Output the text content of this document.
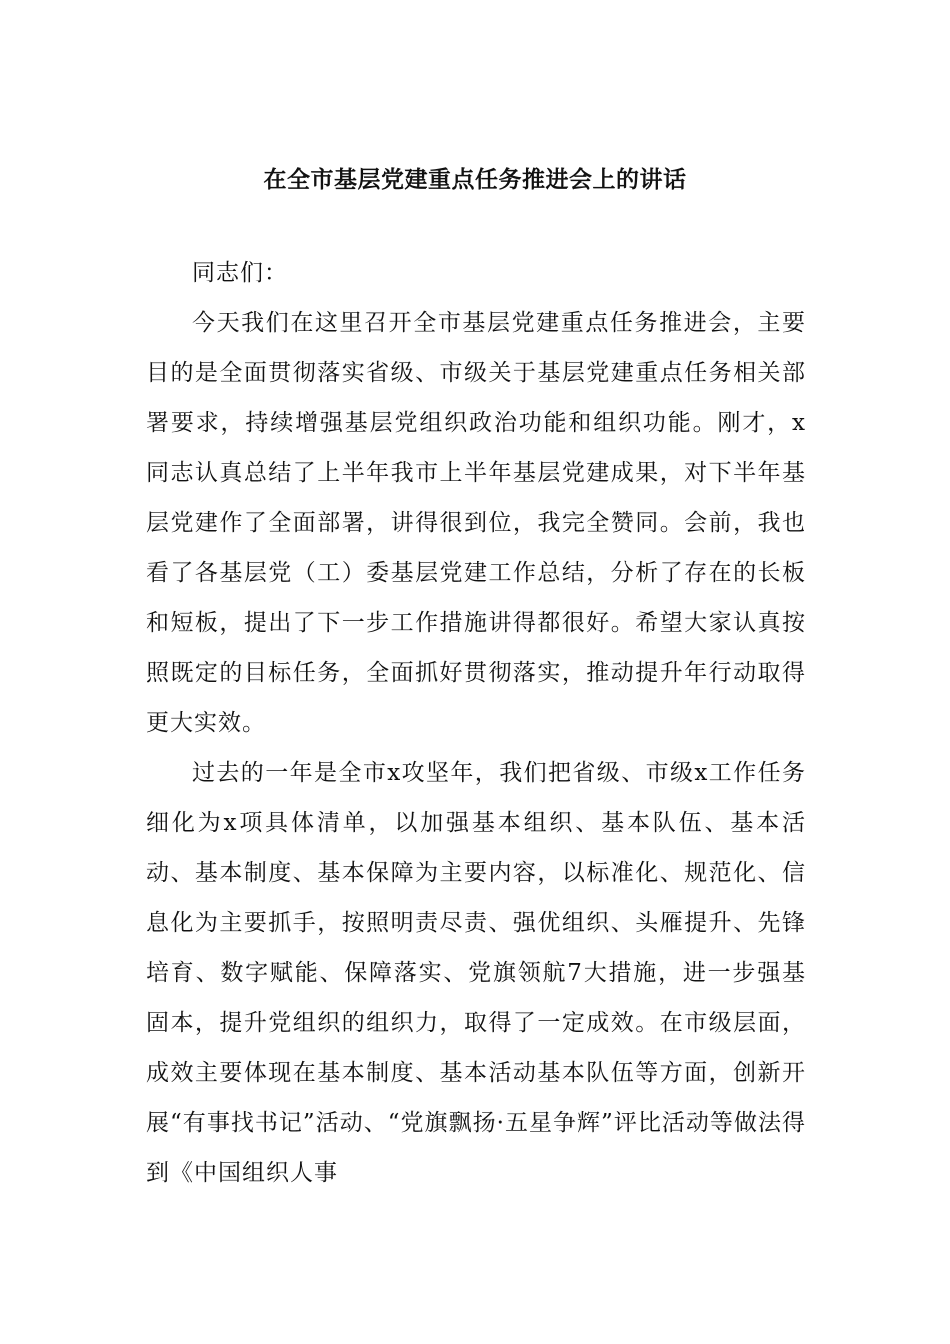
在全市基层党建重点任务推进会上的讲话

同志们：

今天我们在这里召开全市基层党建重点任务推进会，主要目的是全面贯彻落实省级、市级关于基层党建重点任务相关部署要求，持续增强基层党组织政治功能和组织功能。刚才，x同志认真总结了上半年我市上半年基层党建成果，对下半年基层党建作了全面部署，讲得很到位，我完全赞同。会前，我也看了各基层党（工）委基层党建工作总结，分析了存在的长板和短板，提出了下一步工作措施讲得都很好。希望大家认真按照既定的目标任务，全面抓好贯彻落实，推动提升年行动取得更大实效。

过去的一年是全市x攻坚年，我们把省级、市级x工作任务细化为x项具体清单，以加强基本组织、基本队伍、基本活动、基本制度、基本保障为主要内容，以标准化、规范化、信息化为主要抓手，按照明责尽责、强优组织、头雁提升、先锋培育、数字赋能、保障落实、党旗领航7大措施，进一步强基固本，提升党组织的组织力，取得了一定成效。在市级层面，成效主要体现在基本制度、基本活动基本队伍等方面，创新开展“有事找书记”活动、“党旗飘扬·五星争辉”评比活动等做法得到《中国组织人事
